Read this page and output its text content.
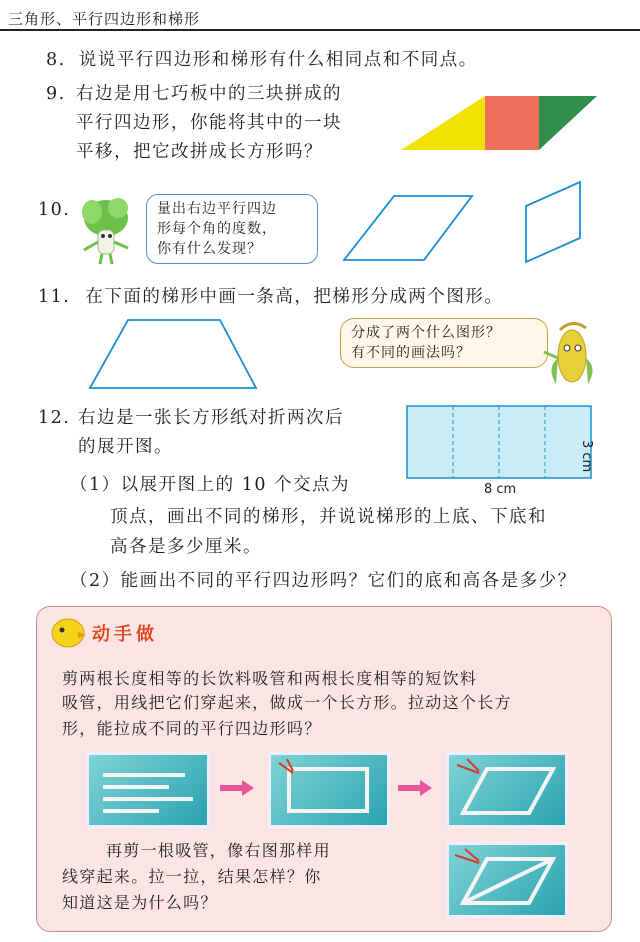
三角形、平行四边形和梯形
8. 说说平行四边形和梯形有什么相同点和不同点。
9. 右边是用七巧板中的三块拼成的
平行四边形，你能将其中的一块
平移，把它改拼成长方形吗？
10.	量出右边平行四边
形每个角的度数，
你有什么发现？
11. 在下面的梯形中画一条高，把梯形分成两个图形。
分成了两个什么图形？
有不同的画法吗？
12. 右边是一张长方形纸对折两次后
的展开图。
8 cm
3 cm
（1）以展开图上的 10 个交点为
顶点，画出不同的梯形，并说说梯形的上底、下底和
高各是多少厘米。
（2）能画出不同的平行四边形吗？它们的底和高各是多少？
动手做
剪两根长度相等的长饮料吸管和两根长度相等的短饮料
吸管，用线把它们穿起来，做成一个长方形。拉动这个长方
形，能拉成不同的平行四边形吗？
再剪一根吸管，像右图那样用
线穿起来。拉一拉，结果怎样？你
知道这是为什么吗？
